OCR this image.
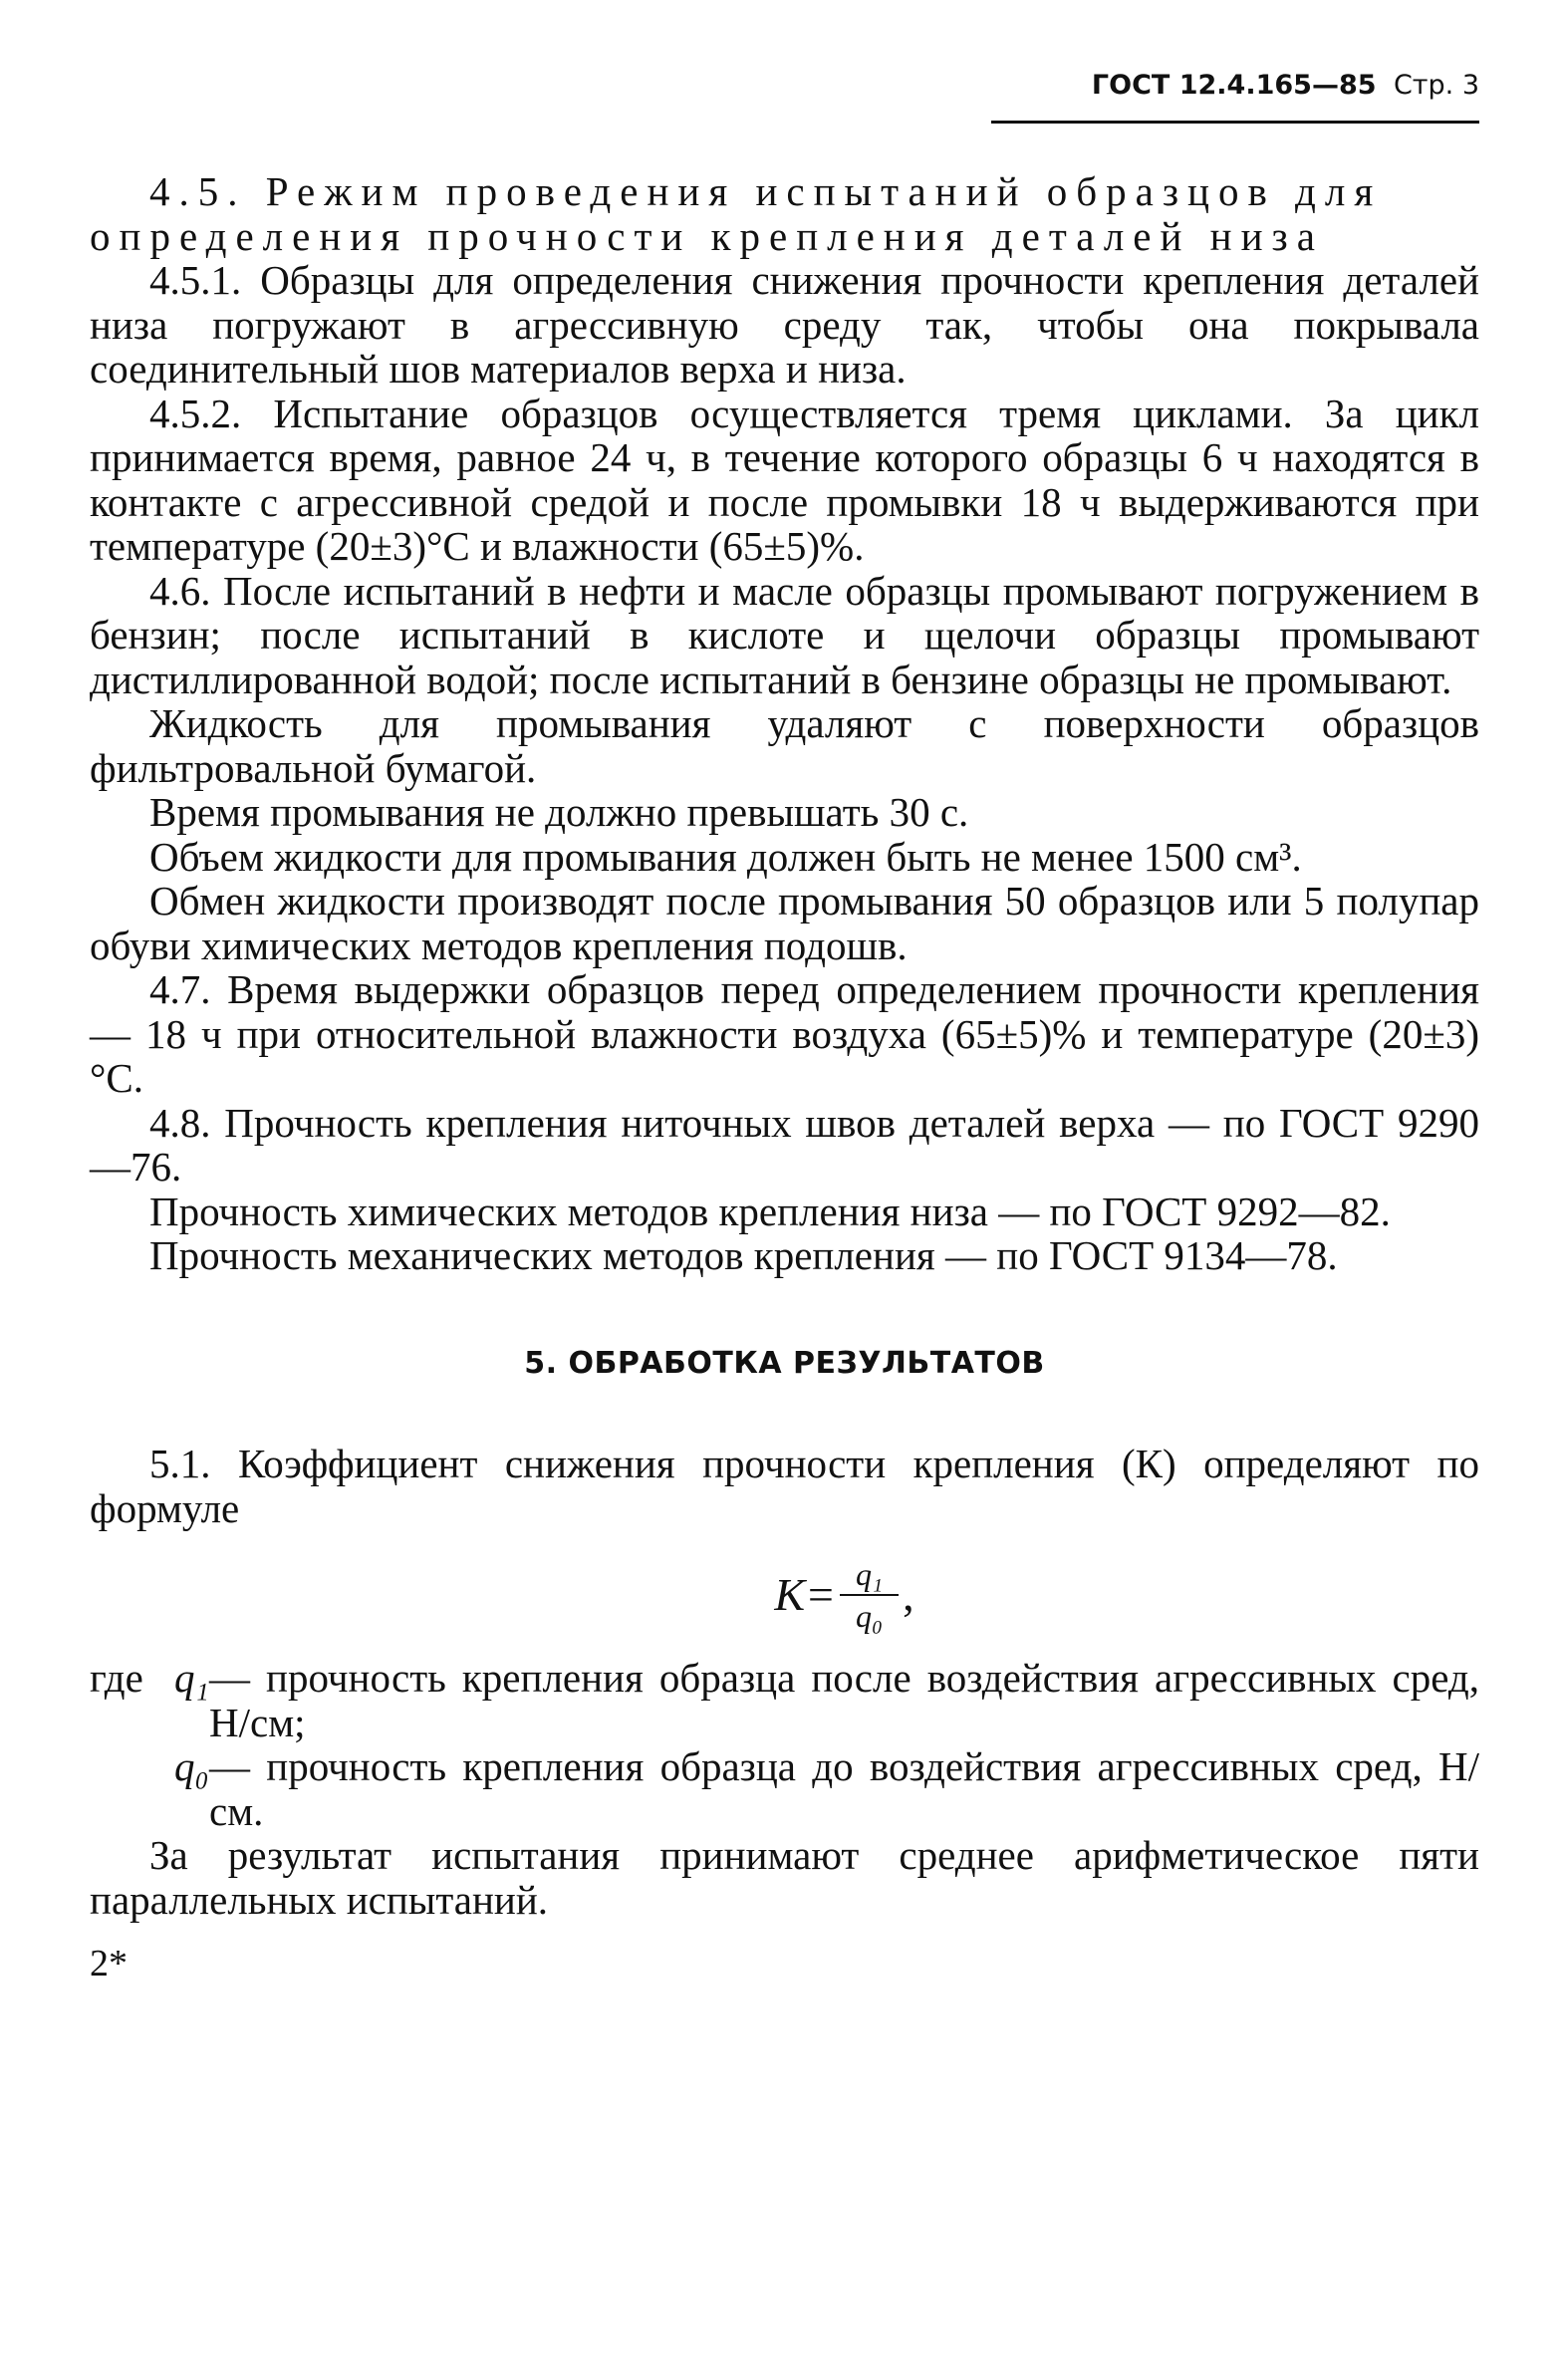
ГОСТ 12.4.165—85 Стр. 3

4.5. Режим проведения испытаний образцов для определения прочности крепления деталей низа

4.5.1. Образцы для определения снижения прочности крепления деталей низа погружают в агрессивную среду так, чтобы она покрывала соединительный шов материалов верха и низа.

4.5.2. Испытание образцов осуществляется тремя циклами. За цикл принимается время, равное 24 ч, в течение которого образцы 6 ч находятся в контакте с агрессивной средой и после промывки 18 ч выдерживаются при температуре (20±3)°С и влажности (65±5)%.

4.6. После испытаний в нефти и масле образцы промывают погружением в бензин; после испытаний в кислоте и щелочи образцы промывают дистиллированной водой; после испытаний в бензине образцы не промывают.

Жидкость для промывания удаляют с поверхности образцов фильтровальной бумагой.

Время промывания не должно превышать 30 с.

Объем жидкости для промывания должен быть не менее 1500 см³.

Обмен жидкости производят после промывания 50 образцов или 5 полупар обуви химических методов крепления подошв.

4.7. Время выдержки образцов перед определением прочности крепления — 18 ч при относительной влажности воздуха (65±5)% и температуре (20±3)°С.

4.8. Прочность крепления ниточных швов деталей верха — по ГОСТ 9290—76.

Прочность химических методов крепления низа — по ГОСТ 9292—82.

Прочность механических методов крепления — по ГОСТ 9134—78.

5. ОБРАБОТКА РЕЗУЛЬТАТОВ

5.1. Коэффициент снижения прочности крепления (К) определяют по формуле

$K= \frac{\text{q₁}}{\text{q₀}}$ ,
где q₁ — прочность крепления образца после воздействия агрессивных сред, Н/см;
q₀ — прочность крепления образца до воздействия агрессивных сред, Н/см.

За результат испытания принимают среднее арифметическое пяти параллельных испытаний.

2*
